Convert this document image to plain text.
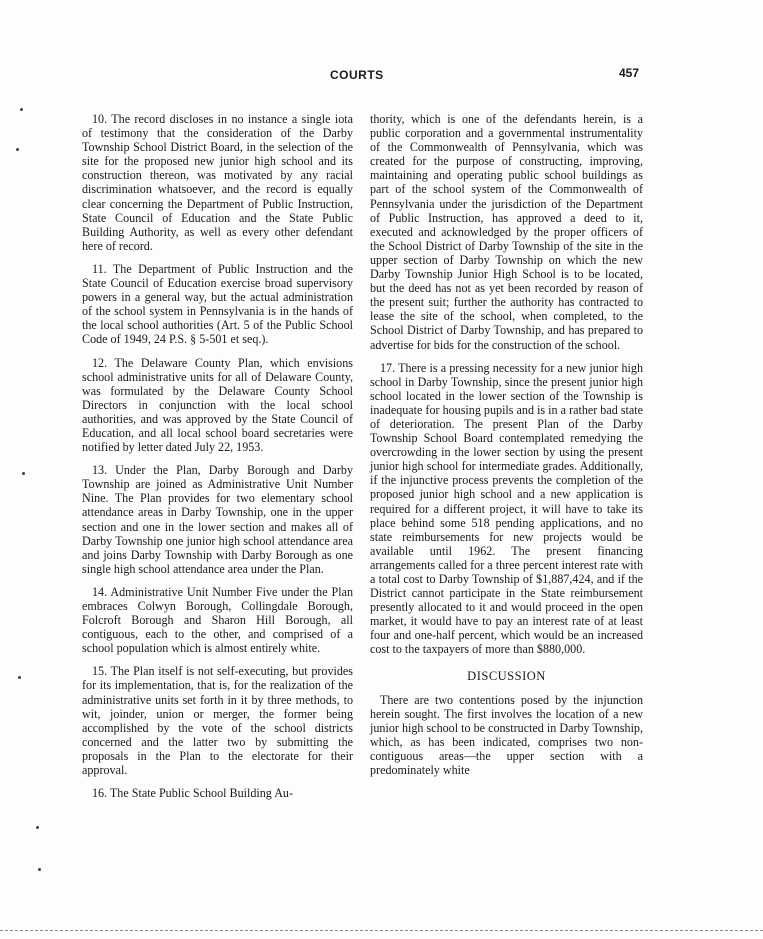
COURTS	457

10. The record discloses in no instance a single iota of testimony that the consideration of the Darby Township School District Board, in the selection of the site for the proposed new junior high school and its construction thereon, was motivated by any racial discrimination whatsoever, and the record is equally clear concerning the Department of Public Instruction, State Council of Education and the State Public Building Authority, as well as every other defendant here of record.

11. The Department of Public Instruction and the State Council of Education exercise broad supervisory powers in a general way, but the actual administration of the school system in Pennsylvania is in the hands of the local school authorities (Art. 5 of the Public School Code of 1949, 24 P.S. § 5-501 et seq.).

12. The Delaware County Plan, which envisions school administrative units for all of Delaware County, was formulated by the Delaware County School Directors in conjunction with the local school authorities, and was approved by the State Council of Education, and all local school board secretaries were notified by letter dated July 22, 1953.

13. Under the Plan, Darby Borough and Darby Township are joined as Administrative Unit Number Nine. The Plan provides for two elementary school attendance areas in Darby Township, one in the upper section and one in the lower section and makes all of Darby Township one junior high school attendance area and joins Darby Township with Darby Borough as one single high school attendance area under the Plan.

14. Administrative Unit Number Five under the Plan embraces Colwyn Borough, Collingdale Borough, Folcroft Borough and Sharon Hill Borough, all contiguous, each to the other, and comprised of a school population which is almost entirely white.

15. The Plan itself is not self-executing, but provides for its implementation, that is, for the realization of the administrative units set forth in it by three methods, to wit, joinder, union or merger, the former being accomplished by the vote of the school districts concerned and the latter two by submitting the proposals in the Plan to the electorate for their approval.

16. The State Public School Building Au-

thority, which is one of the defendants herein, is a public corporation and a governmental instrumentality of the Commonwealth of Pennsylvania, which was created for the purpose of constructing, improving, maintaining and operating public school buildings as part of the school system of the Commonwealth of Pennsylvania under the jurisdiction of the Department of Public Instruction, has approved a deed to it, executed and acknowledged by the proper officers of the School District of Darby Township of the site in the upper section of Darby Township on which the new Darby Township Junior High School is to be located, but the deed has not as yet been recorded by reason of the present suit; further the authority has contracted to lease the site of the school, when completed, to the School District of Darby Township, and has prepared to advertise for bids for the construction of the school.

17. There is a pressing necessity for a new junior high school in Darby Township, since the present junior high school located in the lower section of the Township is inadequate for housing pupils and is in a rather bad state of deterioration. The present Plan of the Darby Township School Board contemplated remedying the overcrowding in the lower section by using the present junior high school for intermediate grades. Additionally, if the injunctive process prevents the completion of the proposed junior high school and a new application is required for a different project, it will have to take its place behind some 518 pending applications, and no state reimbursements for new projects would be available until 1962. The present financing arrangements called for a three percent interest rate with a total cost to Darby Township of $1,887,424, and if the District cannot participate in the State reimbursement presently allocated to it and would proceed in the open market, it would have to pay an interest rate of at least four and one-half percent, which would be an increased cost to the taxpayers of more than $880,000.

DISCUSSION

There are two contentions posed by the injunction herein sought. The first involves the location of a new junior high school to be constructed in Darby Township, which, as has been indicated, comprises two non-contiguous areas—the upper section with a predominately white
